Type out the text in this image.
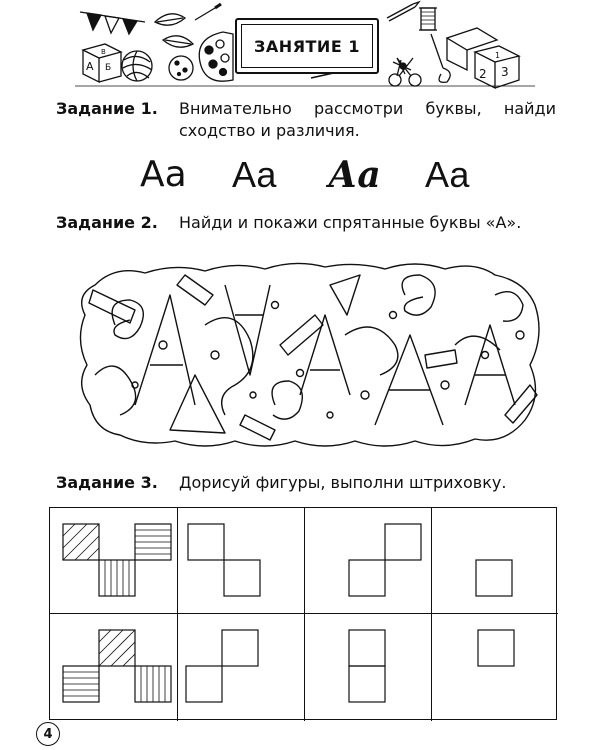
А Б
В
2 3
1
ЗАНЯТИЕ 1
Задание 1. Внимательно рассмотри буквы, найди сходство и различия.
Аа Аа Аа Аа
Задание 2. Найди и покажи спрятанные буквы «А».
Задание 3. Дорисуй фигуры, выполни штриховку.
4
